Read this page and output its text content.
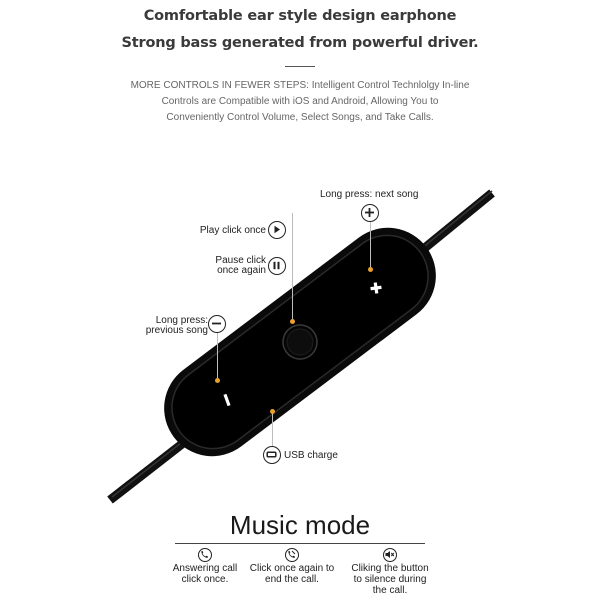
Comfortable ear style design earphone
Strong bass generated from powerful driver.
MORE CONTROLS IN FEWER STEPS: Intelligent Control Technlolgy In-line
Controls are Compatible with iOS and Android, Allowing You to
Conveniently Control Volume, Select Songs, and Take Calls.
Long press: next song
Play click once
Pause click
once again
Long press:
previous song
USB charge
Music mode
Answering call
click once.
Click once again to
end the call.
Cliking the button
to silence during
the call.
